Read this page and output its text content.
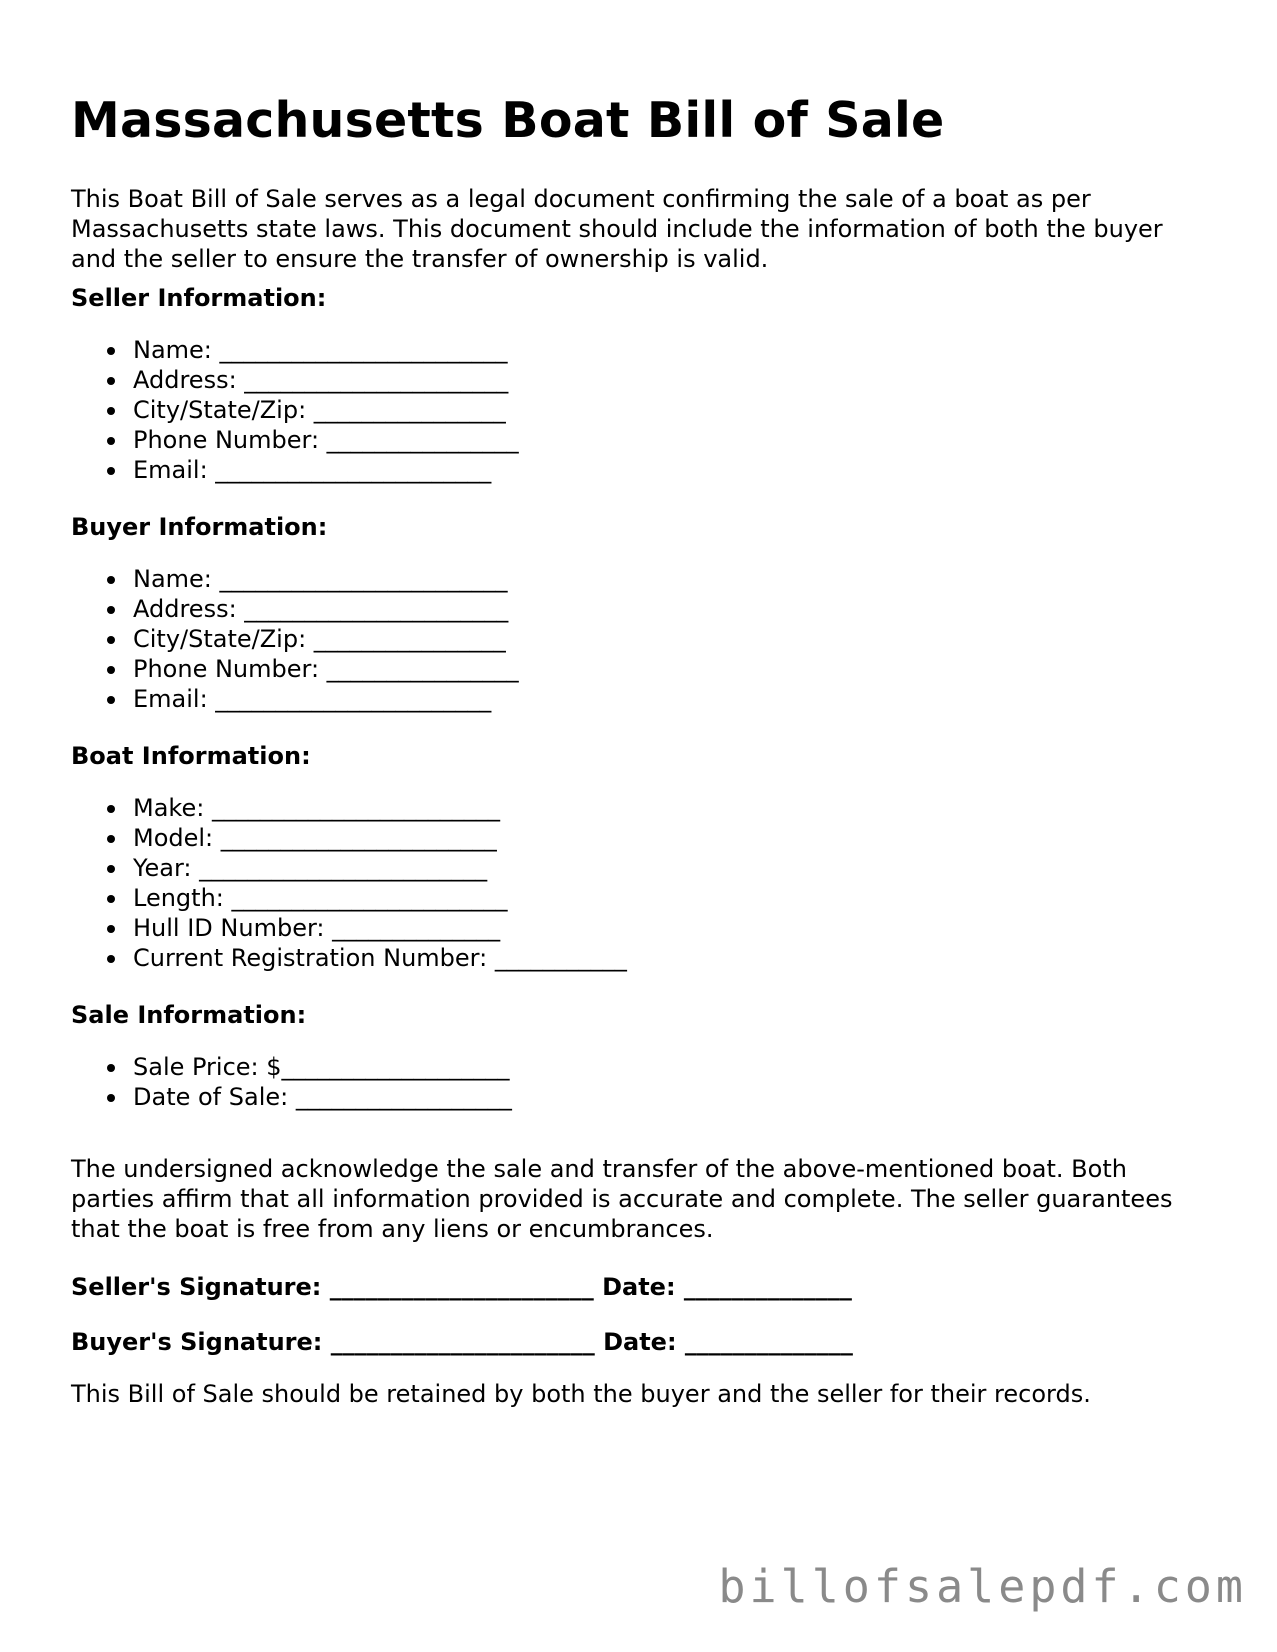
Massachusetts Boat Bill of Sale

This Boat Bill of Sale serves as a legal document confirming the sale of a boat as per Massachusetts state laws. This document should include the information of both the buyer and the seller to ensure the transfer of ownership is valid.

Seller Information:
Name: ________________________
Address: ______________________
City/State/Zip: ________________
Phone Number: ________________
Email: _______________________
Buyer Information:
Name: ________________________
Address: ______________________
City/State/Zip: ________________
Phone Number: ________________
Email: _______________________
Boat Information:
Make: ________________________
Model: _______________________
Year: ________________________
Length: _______________________
Hull ID Number: ______________
Current Registration Number: ___________
Sale Information:
Sale Price: $___________________
Date of Sale: __________________

The undersigned acknowledge the sale and transfer of the above-mentioned boat. Both parties affirm that all information provided is accurate and complete. The seller guarantees that the boat is free from any liens or encumbrances.

Seller's Signature: ______________________ Date: ______________
Buyer's Signature: ______________________ Date: ______________

This Bill of Sale should be retained by both the buyer and the seller for their records.

billofsalepdf.com
